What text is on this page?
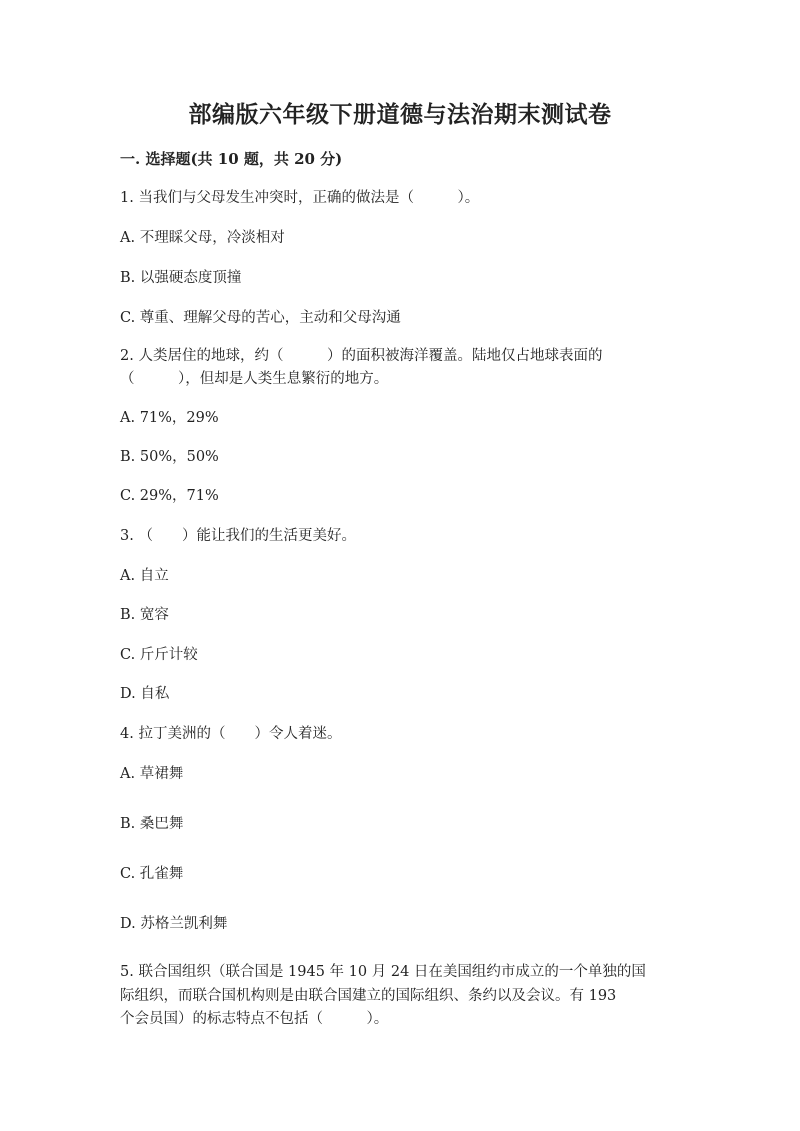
部编版六年级下册道德与法治期末测试卷
一. 选择题(共 10 题，共 20 分)
1. 当我们与父母发生冲突时，正确的做法是（　　　）。
A. 不理睬父母，冷淡相对
B. 以强硬态度顶撞
C. 尊重、理解父母的苦心，主动和父母沟通
2. 人类居住的地球，约（　　　）的面积被海洋覆盖。陆地仅占地球表面的
（　　　），但却是人类生息繁衍的地方。
A. 71%，29%
B. 50%，50%
C. 29%，71%
3. （　　）能让我们的生活更美好。
A. 自立
B. 宽容
C. 斤斤计较
D. 自私
4. 拉丁美洲的（　　）令人着迷。
A. 草裙舞
B. 桑巴舞
C. 孔雀舞
D. 苏格兰凯利舞
5. 联合国组织（联合国是 1945 年 10 月 24 日在美国组约市成立的一个单独的国
际组织，而联合国机构则是由联合国建立的国际组织、条约以及会议。有 193
个会员国）的标志特点不包括（　　　）。
